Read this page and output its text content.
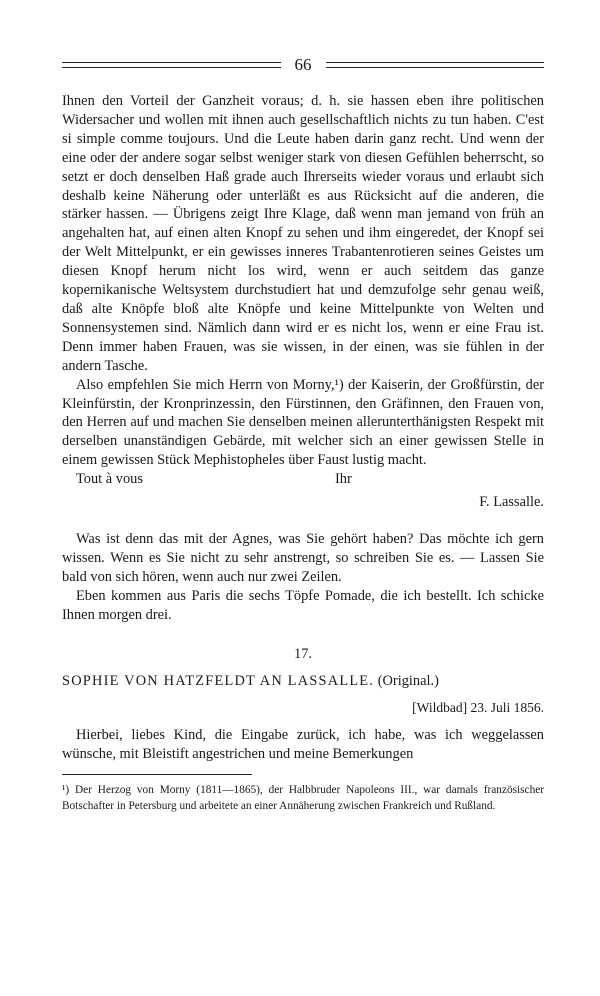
66

Ihnen den Vorteil der Ganzheit voraus; d. h. sie hassen eben ihre politischen Widersacher und wollen mit ihnen auch gesellschaftlich nichts zu tun haben. C'est si simple comme toujours. Und die Leute haben darin ganz recht. Und wenn der eine oder der andere sogar selbst weniger stark von diesen Gefühlen beherrscht, so setzt er doch denselben Haß grade auch Ihrerseits wieder voraus und erlaubt sich deshalb keine Näherung oder unterläßt es aus Rücksicht auf die anderen, die stärker hassen. — Übrigens zeigt Ihre Klage, daß wenn man jemand von früh an angehalten hat, auf einen alten Knopf zu sehen und ihm eingeredet, der Knopf sei der Welt Mittelpunkt, er ein gewisses inneres Trabantenrotieren seines Geistes um diesen Knopf herum nicht los wird, wenn er auch seitdem das ganze kopernikanische Weltsystem durchstudiert hat und demzufolge sehr genau weiß, daß alte Knöpfe bloß alte Knöpfe und keine Mittelpunkte von Welten und Sonnensystemen sind. Nämlich dann wird er es nicht los, wenn er eine Frau ist. Denn immer haben Frauen, was sie wissen, in der einen, was sie fühlen in der andern Tasche.

Also empfehlen Sie mich Herrn von Morny,¹) der Kaiserin, der Großfürstin, der Kleinfürstin, der Kronprinzessin, den Fürstinnen, den Gräfinnen, den Frauen von, den Herren auf und machen Sie denselben meinen allerunterthänigsten Respekt mit derselben unanständigen Gebärde, mit welcher sich an einer gewissen Stelle in einem gewissen Stück Mephistopheles über Faust lustig macht.

Tout à vous	Ihr
F. Lassalle.

Was ist denn das mit der Agnes, was Sie gehört haben? Das möchte ich gern wissen. Wenn es Sie nicht zu sehr anstrengt, so schreiben Sie es. — Lassen Sie bald von sich hören, wenn auch nur zwei Zeilen.

Eben kommen aus Paris die sechs Töpfe Pomade, die ich bestellt. Ich schicke Ihnen morgen drei.

17.
SOPHIE VON HATZFELDT AN LASSALLE. (Original.)
[Wildbad] 23. Juli 1856.

Hierbei, liebes Kind, die Eingabe zurück, ich habe, was ich weggelassen wünsche, mit Bleistift angestrichen und meine Bemerkungen

¹) Der Herzog von Morny (1811—1865), der Halbbruder Napoleons III., war damals französischer Botschafter in Petersburg und arbeitete an einer Annäherung zwischen Frankreich und Rußland.
